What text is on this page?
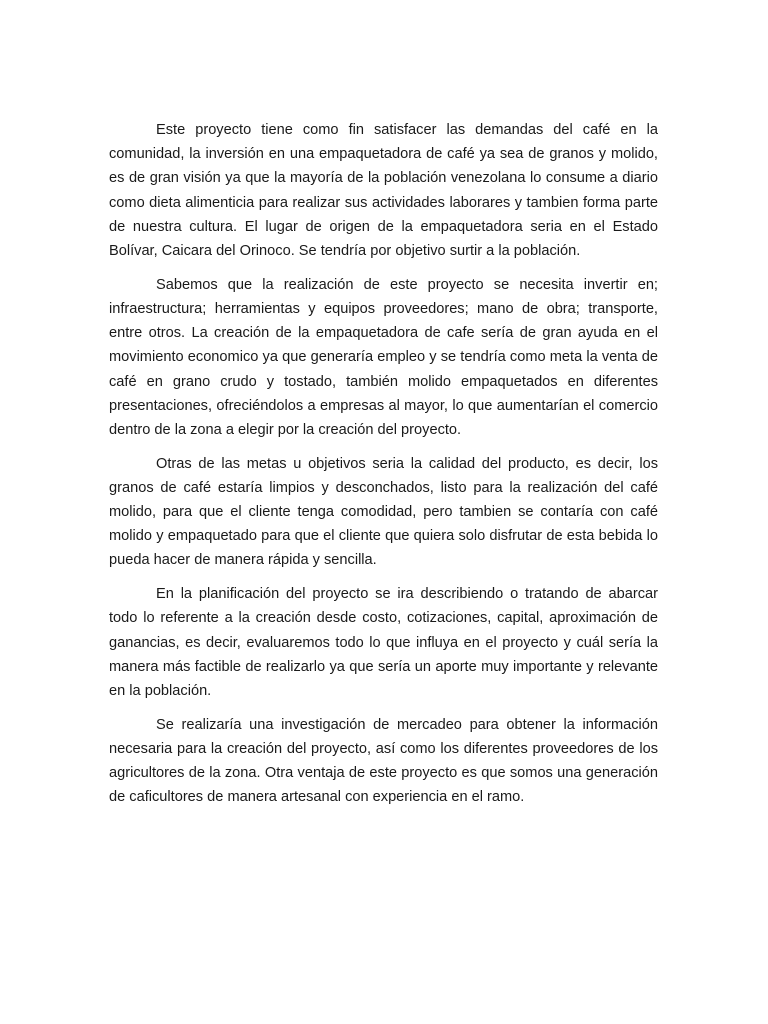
Este proyecto tiene como fin satisfacer las demandas del café en la comunidad, la inversión en una empaquetadora de café ya sea de granos y molido, es de gran visión ya que la mayoría de la población venezolana lo consume a diario como dieta alimenticia para realizar sus actividades laborares y tambien forma parte de nuestra cultura. El lugar de origen de la empaquetadora seria en el Estado Bolívar, Caicara del Orinoco. Se tendría por objetivo surtir a la población.

Sabemos que la realización de este proyecto se necesita invertir en; infraestructura; herramientas y equipos proveedores; mano de obra; transporte, entre otros. La creación de la empaquetadora de cafe sería de gran ayuda en el movimiento economico ya que generaría empleo y se tendría como meta la venta de café en grano crudo y tostado, también molido empaquetados en diferentes presentaciones, ofreciéndolos a empresas al mayor, lo que aumentarían el comercio dentro de la zona a elegir por la creación del proyecto.

Otras de las metas u objetivos seria la calidad del producto, es decir, los granos de café estaría limpios y desconchados, listo para la realización del café molido, para que el cliente tenga comodidad, pero tambien se contaría con café molido y empaquetado para que el cliente que quiera solo disfrutar de esta bebida lo pueda hacer de manera rápida y sencilla.

En la planificación del proyecto se ira describiendo o tratando de abarcar todo lo referente a la creación desde costo, cotizaciones, capital, aproximación de ganancias, es decir, evaluaremos todo lo que influya en el proyecto y cuál sería la manera más factible de realizarlo ya que sería un aporte muy importante y relevante en la población.

Se realizaría una investigación de mercadeo para obtener la información necesaria para la creación del proyecto, así como los diferentes proveedores de los agricultores de la zona. Otra ventaja de este proyecto es que somos una generación de caficultores de manera artesanal con experiencia en el ramo.
